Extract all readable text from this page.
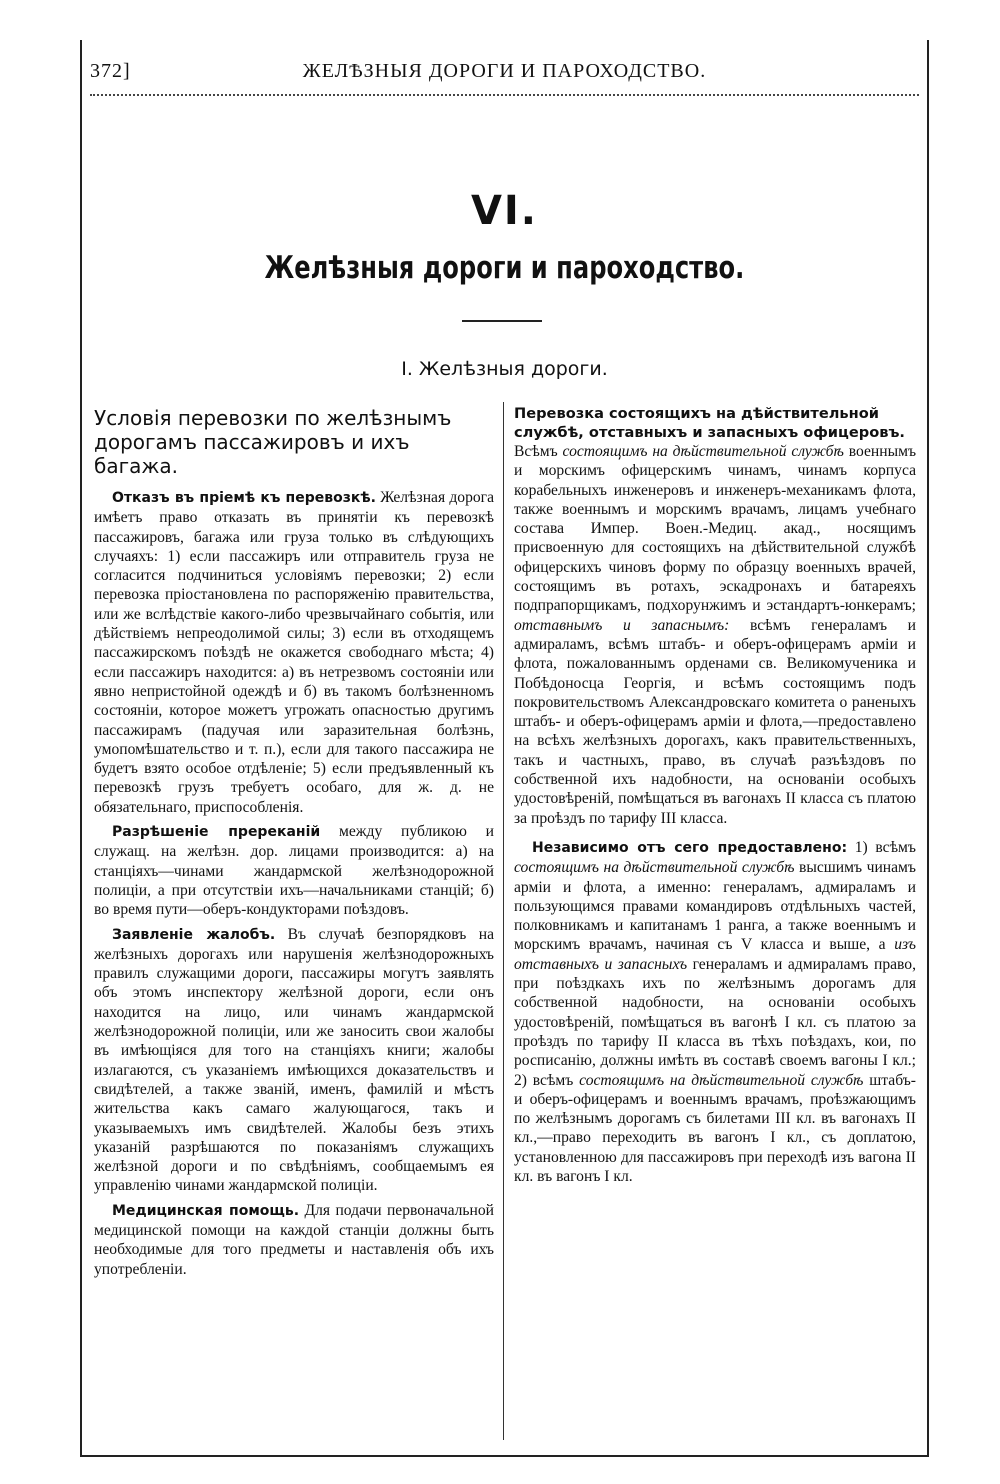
372]	ЖЕЛѢЗНЫЯ ДОРОГИ И ПАРОХОДСТВО.
VI.
Желѣзныя дороги и пароходство.
I. Желѣзныя дороги.
Условія перевозки по желѣзнымъ дорогамъ пассажировъ и ихъ багажа.

Отказъ въ пріемѣ къ перевозкѣ. Желѣзная дорога имѣетъ право отказать въ принятіи къ перевозкѣ пассажировъ, багажа или груза только въ слѣдующихъ случаяхъ: 1) если пассажиръ или отправитель груза не согласится подчиниться условіямъ перевозки; 2) если перевозка пріостановлена по распоряженію правительства, или же вслѣдствіе какого-либо чрезвычайнаго событія, или дѣйствіемъ непреодолимой силы; 3) если въ отходящемъ пассажирскомъ поѣздѣ не окажется свободнаго мѣста; 4) если пассажиръ находится: а) въ нетрезвомъ состояніи или явно непристойной одеждѣ и б) въ такомъ болѣзненномъ состояніи, которое можетъ угрожать опасностью другимъ пассажирамъ (падучая или заразительная болѣзнь, умопомѣшательство и т. п.), если для такого пассажира не будетъ взято особое отдѣленіе; 5) если предъявленный къ перевозкѣ грузъ требуетъ особаго, для ж. д. не обязательнаго, приспособленія.

Разрѣшеніе пререканій между публикою и служащ. на желѣзн. дор. лицами производится: а) на станціяхъ—чинами жандармской желѣзнодорожной полиціи, а при отсутствіи ихъ—начальниками станцій; б) во время пути—оберъ-кондукторами поѣздовъ.

Заявленіе жалобъ. Въ случаѣ безпорядковъ на желѣзныхъ дорогахъ или нарушенія желѣзнодорожныхъ правилъ служащими дороги, пассажиры могутъ заявлять объ этомъ инспектору желѣзной дороги, если онъ находится на лицо, или чинамъ жандармской желѣзнодорожной полиціи, или же заносить свои жалобы въ имѣющіяся для того на станціяхъ книги; жалобы излагаются, съ указаніемъ имѣющихся доказательствъ и свидѣтелей, а также званій, именъ, фамилій и мѣстъ жительства какъ самаго жалующагося, такъ и указываемыхъ имъ свидѣтелей. Жалобы безъ этихъ указаній разрѣшаются по показаніямъ служащихъ желѣзной дороги и по свѣдѣніямъ, сообщаемымъ ея управленію чинами жандармской полиціи.

Медицинская помощь. Для подачи первоначальной медицинской помощи на каждой станціи должны быть необходимые для того предметы и наставленія объ ихъ употребленіи.

Перевозка состоящихъ на дѣйствительной службѣ, отставныхъ и запасныхъ офицеровъ.

Всѣмъ состоящимъ на дѣйствительной службѣ военнымъ и морскимъ офицерскимъ чинамъ, чинамъ корпуса корабельныхъ инженеровъ и инженеръ-механикамъ флота, также военнымъ и морскимъ врачамъ, лицамъ учебнаго состава Импер. Воен.-Медиц. акад., носящимъ присвоенную для состоящихъ на дѣйствительной службѣ офицерскихъ чиновъ форму по образцу военныхъ врачей, состоящимъ въ ротахъ, эскадронахъ и батареяхъ подпрапорщикамъ, подхорунжимъ и эстандартъ-юнкерамъ; отставнымъ и запаснымъ: всѣмъ генераламъ и адмираламъ, всѣмъ штабъ- и оберъ-офицерамъ арміи и флота, пожалованнымъ орденами св. Великомученика и Побѣдоносца Георгія, и всѣмъ состоящимъ подъ покровительствомъ Александровскаго комитета о раненыхъ штабъ- и оберъ-офицерамъ арміи и флота,—предоставлено на всѣхъ желѣзныхъ дорогахъ, какъ правительственныхъ, такъ и частныхъ, право, въ случаѣ разъѣздовъ по собственной ихъ надобности, на основаніи особыхъ удостовѣреній, помѣщаться въ вагонахъ II класса съ платою за проѣздъ по тарифу III класса.

Независимо отъ сего предоставлено: 1) всѣмъ состоящимъ на дѣйствительной службѣ высшимъ чинамъ арміи и флота, а именно: генераламъ, адмираламъ и пользующимся правами командировъ отдѣльныхъ частей, полковникамъ и капитанамъ 1 ранга, а также военнымъ и морскимъ врачамъ, начиная съ V класса и выше, а изъ отставныхъ и запасныхъ генераламъ и адмираламъ право, при поѣздкахъ ихъ по желѣзнымъ дорогамъ для собственной надобности, на основаніи особыхъ удостовѣреній, помѣщаться въ вагонѣ I кл. съ платою за проѣздъ по тарифу II класса въ тѣхъ поѣздахъ, кои, по росписанію, должны имѣть въ составѣ своемъ вагоны I кл.; 2) всѣмъ состоящимъ на дѣйствительной службѣ штабъ- и оберъ-офицерамъ и военнымъ врачамъ, проѣзжающимъ по желѣзнымъ дорогамъ съ билетами III кл. въ вагонахъ II кл.,—право переходить въ вагонъ I кл., съ доплатою, установленною для пассажировъ при переходѣ изъ вагона II кл. въ вагонъ I кл.
